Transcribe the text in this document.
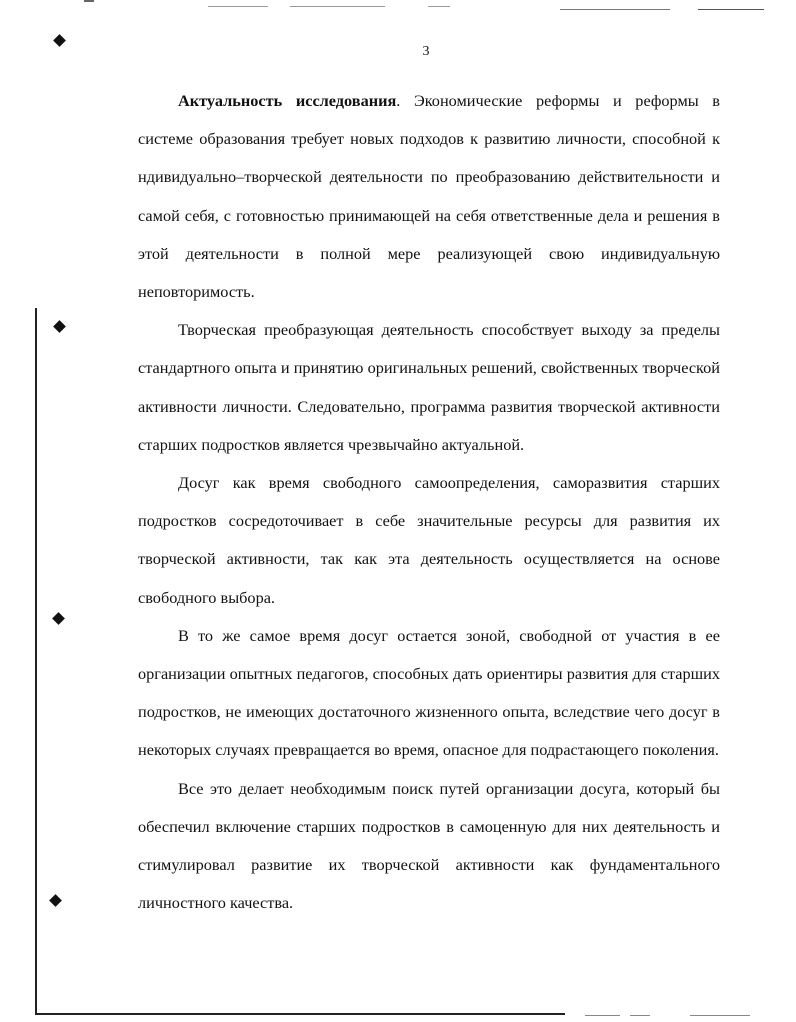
3

Актуальность исследования. Экономические реформы и реформы в системе образования требует новых подходов к развитию личности, способной к ндивидуально–творческой деятельности по преобразованию действительности и самой себя, с готовностью принимающей на себя ответственные дела и решения в этой деятельности в полной мере реализующей свою индивидуальную неповторимость.

Творческая преобразующая деятельность способствует выходу за пределы стандартного опыта и принятию оригинальных решений, свойственных творческой активности личности. Следовательно, программа развития творческой активности старших подростков является чрезвычайно актуальной.

Досуг как время свободного самоопределения, саморазвития старших подростков сосредоточивает в себе значительные ресурсы для развития их творческой активности, так как эта деятельность осуществляется на основе свободного выбора.

В то же самое время досуг остается зоной, свободной от участия в ее организации опытных педагогов, способных дать ориентиры развития для старших подростков, не имеющих достаточного жизненного опыта, вследствие чего досуг в некоторых случаях превращается во время, опасное для подрастающего поколения.

Все это делает необходимым поиск путей организации досуга, который бы обеспечил включение старших подростков в самоценную для них деятельность и стимулировал развитие их творческой активности как фундаментального личностного качества.
